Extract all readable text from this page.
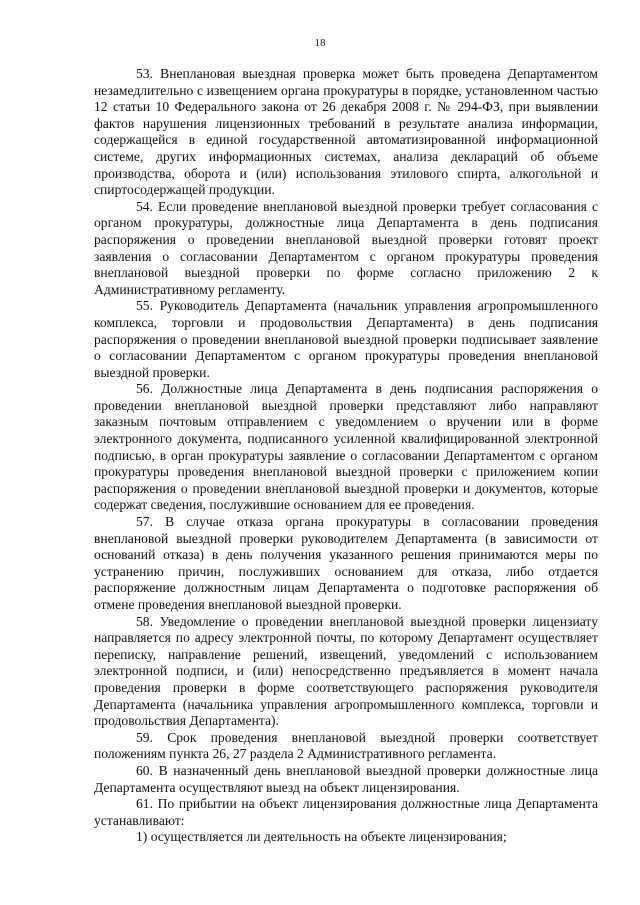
18

53. Внеплановая выездная проверка может быть проведена Департаментом незамедлительно с извещением органа прокуратуры в порядке, установленном частью 12 статьи 10 Федерального закона от 26 декабря 2008 г. № 294-ФЗ, при выявлении фактов нарушения лицензионных требований в результате анализа информации, содержащейся в единой государственной автоматизированной информационной системе, других информационных системах, анализа деклараций об объеме производства, оборота и (или) использования этилового спирта, алкогольной и спиртосодержащей продукции.

54. Если проведение внеплановой выездной проверки требует согласования с органом прокуратуры, должностные лица Департамента в день подписания распоряжения о проведении внеплановой выездной проверки готовят проект заявления о согласовании Департаментом с органом прокуратуры проведения внеплановой выездной проверки по форме согласно приложению 2 к Административному регламенту.

55. Руководитель Департамента (начальник управления агропромышленного комплекса, торговли и продовольствия Департамента) в день подписания распоряжения о проведении внеплановой выездной проверки подписывает заявление о согласовании Департаментом с органом прокуратуры проведения внеплановой выездной проверки.

56. Должностные лица Департамента в день подписания распоряжения о проведении внеплановой выездной проверки представляют либо направляют заказным почтовым отправлением с уведомлением о вручении или в форме электронного документа, подписанного усиленной квалифицированной электронной подписью, в орган прокуратуры заявление о согласовании Департаментом с органом прокуратуры проведения внеплановой выездной проверки с приложением копии распоряжения о проведении внеплановой выездной проверки и документов, которые содержат сведения, послужившие основанием для ее проведения.

57. В случае отказа органа прокуратуры в согласовании проведения внеплановой выездной проверки руководителем Департамента (в зависимости от оснований отказа) в день получения указанного решения принимаются меры по устранению причин, послуживших основанием для отказа, либо отдается распоряжение должностным лицам Департамента о подготовке распоряжения об отмене проведения внеплановой выездной проверки.

58. Уведомление о проведении внеплановой выездной проверки лицензиату направляется по адресу электронной почты, по которому Департамент осуществляет переписку, направление решений, извещений, уведомлений с использованием электронной подписи, и (или) непосредственно предъявляется в момент начала проведения проверки в форме соответствующего распоряжения руководителя Департамента (начальника управления агропромышленного комплекса, торговли и продовольствия Департамента).

59. Срок проведения внеплановой выездной проверки соответствует положениям пункта 26, 27 раздела 2 Административного регламента.

60. В назначенный день внеплановой выездной проверки должностные лица Департамента осуществляют выезд на объект лицензирования.

61. По прибытии на объект лицензирования должностные лица Департамента устанавливают:

1) осуществляется ли деятельность на объекте лицензирования;
